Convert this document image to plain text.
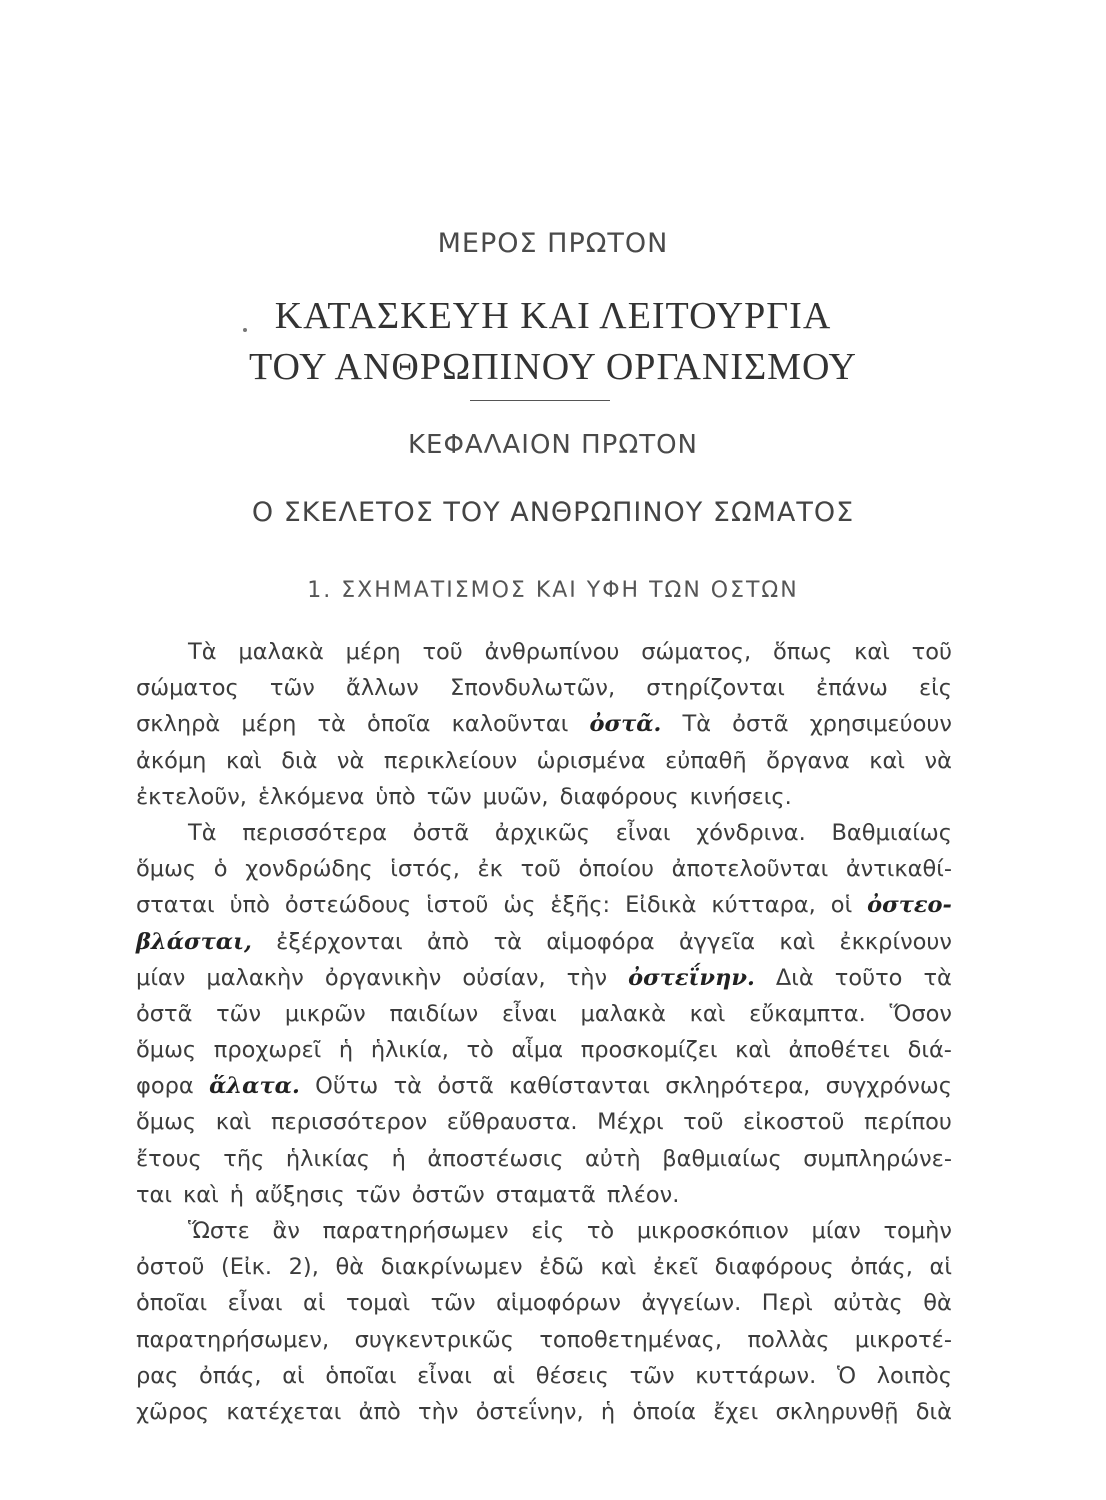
ΜΕΡΟΣ ΠΡΩΤΟΝ
ΚΑΤΑΣΚΕΥΗ ΚΑΙ ΛΕΙΤΟΥΡΓΙΑ
ΤΟΥ ΑΝΘΡΩΠΙΝΟΥ ΟΡΓΑΝΙΣΜΟΥ
ΚΕΦΑΛΑΙΟΝ ΠΡΩΤΟΝ
Ο ΣΚΕΛΕΤΟΣ ΤΟΥ ΑΝΘΡΩΠΙΝΟΥ ΣΩΜΑΤΟΣ
1. ΣΧΗΜΑΤΙΣΜΟΣ ΚΑΙ ΥΦΗ ΤΩΝ ΟΣΤΩΝ
Τὰ μαλακὰ μέρη τοῦ ἀνθρωπίνου σώματος, ὅπως καὶ τοῦ
σώματος τῶν ἄλλων Σπονδυλωτῶν, στηρίζονται ἐπάνω εἰς
σκληρὰ μέρη τὰ ὁποῖα καλοῦνται ὀστᾶ. Τὰ ὀστᾶ χρησιμεύουν
ἀκόμη καὶ διὰ νὰ περικλείουν ὡρισμένα εὐπαθῆ ὄργανα καὶ νὰ
ἐκτελοῦν, ἑλκόμενα ὑπὸ τῶν μυῶν, διαφόρους κινήσεις.
Τὰ περισσότερα ὀστᾶ ἀρχικῶς εἶναι χόνδρινα. Βαθμιαίως
ὅμως ὁ χονδρώδης ἱστός, ἐκ τοῦ ὁποίου ἀποτελοῦνται ἀντικαθί-
σταται ὑπὸ ὀστεώδους ἱστοῦ ὡς ἑξῆς: Εἰδικὰ κύτταρα, οἱ ὀστεο-
βλάσται, ἐξέρχονται ἀπὸ τὰ αἱμοφόρα ἀγγεῖα καὶ ἐκκρίνουν
μίαν μαλακὴν ὀργανικὴν οὐσίαν, τὴν ὀστεΐνην. Διὰ τοῦτο τὰ
ὀστᾶ τῶν μικρῶν παιδίων εἶναι μαλακὰ καὶ εὔκαμπτα. Ὅσον
ὅμως προχωρεῖ ἡ ἡλικία, τὸ αἷμα προσκομίζει καὶ ἀποθέτει διά-
φορα ἅλατα. Οὕτω τὰ ὀστᾶ καθίστανται σκληρότερα, συγχρόνως
ὅμως καὶ περισσότερον εὔθραυστα. Μέχρι τοῦ εἰκοστοῦ περίπου
ἔτους τῆς ἡλικίας ἡ ἀποστέωσις αὐτὴ βαθμιαίως συμπληρώνε-
ται καὶ ἡ αὔξησις τῶν ὀστῶν σταματᾶ πλέον.
Ὥστε ἂν παρατηρήσωμεν εἰς τὸ μικροσκόπιον μίαν τομὴν
ὀστοῦ (Εἰκ. 2), θὰ διακρίνωμεν ἐδῶ καὶ ἐκεῖ διαφόρους ὀπάς, αἱ
ὁποῖαι εἶναι αἱ τομαὶ τῶν αἱμοφόρων ἀγγείων. Περὶ αὐτὰς θὰ
παρατηρήσωμεν, συγκεντρικῶς τοποθετημένας, πολλὰς μικροτέ-
ρας ὀπάς, αἱ ὁποῖαι εἶναι αἱ θέσεις τῶν κυττάρων. Ὁ λοιπὸς
χῶρος κατέχεται ἀπὸ τὴν ὀστεΐνην, ἡ ὁποία ἔχει σκληρυνθῇ διὰ
